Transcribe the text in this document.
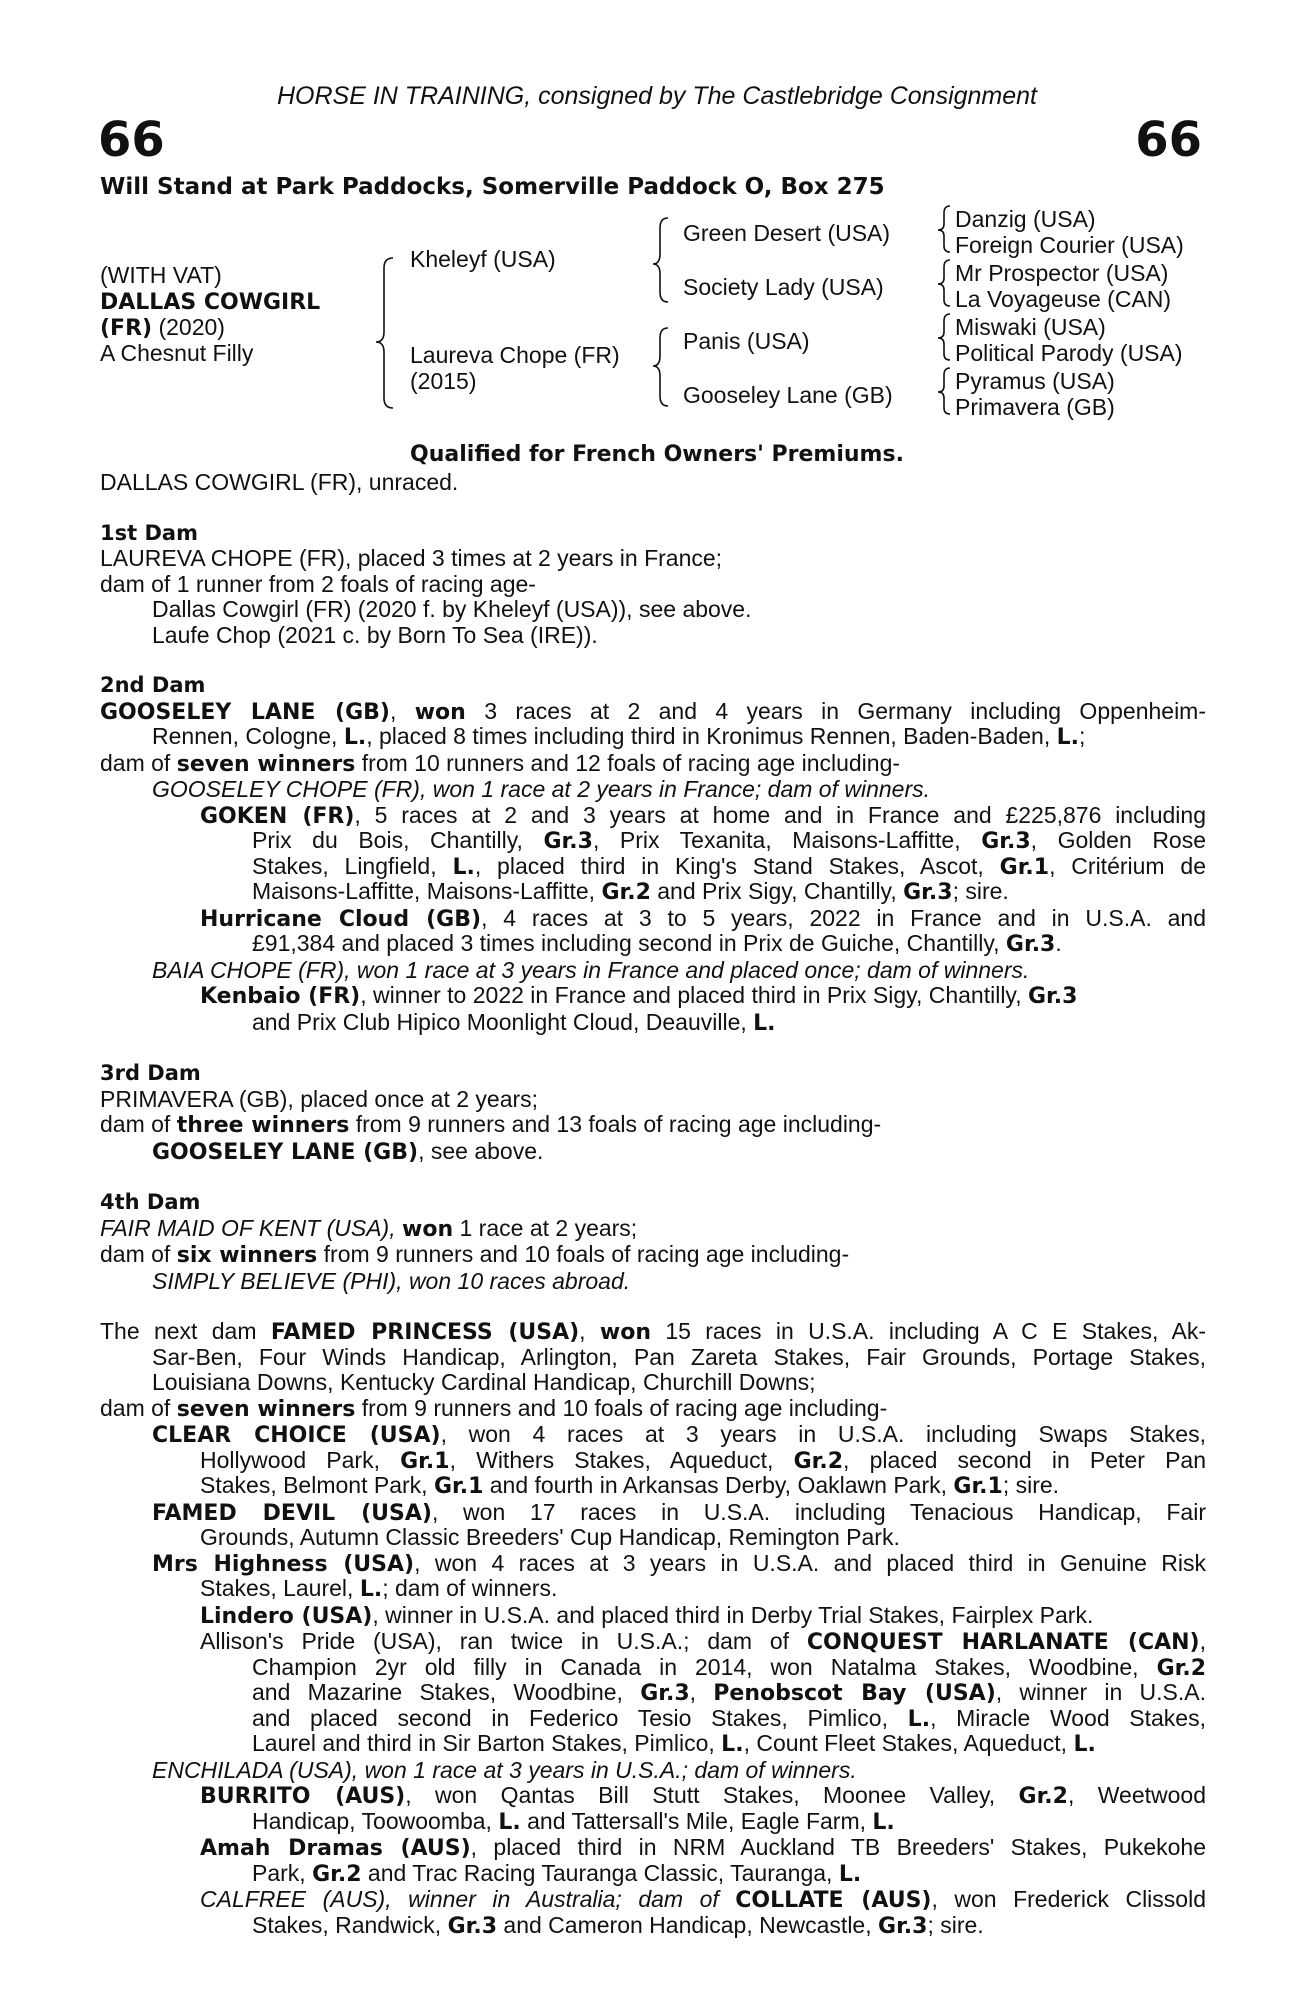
HORSE IN TRAINING, consigned by The Castlebridge Consignment
66	66
Will Stand at Park Paddocks, Somerville Paddock O, Box 275
(WITH VAT)
DALLAS COWGIRL
(FR) (2020)
A Chesnut Filly
Kheleyf (USA)
Laureva Chope (FR)
(2015)
Green Desert (USA)
Society Lady (USA)
Panis (USA)
Gooseley Lane (GB)
Danzig (USA)
Foreign Courier (USA)
Mr Prospector (USA)
La Voyageuse (CAN)
Miswaki (USA)
Political Parody (USA)
Pyramus (USA)
Primavera (GB)
Qualified for French Owners' Premiums.
DALLAS COWGIRL (FR), unraced.
1st Dam
LAUREVA CHOPE (FR), placed 3 times at 2 years in France;
dam of 1 runner from 2 foals of racing age-
Dallas Cowgirl (FR) (2020 f. by Kheleyf (USA)), see above.
Laufe Chop (2021 c. by Born To Sea (IRE)).
2nd Dam
GOOSELEY LANE (GB), won 3 races at 2 and 4 years in Germany including Oppenheim-
Rennen, Cologne, L., placed 8 times including third in Kronimus Rennen, Baden-Baden, L.;
dam of seven winners from 10 runners and 12 foals of racing age including-
GOOSELEY CHOPE (FR), won 1 race at 2 years in France; dam of winners.
GOKEN (FR), 5 races at 2 and 3 years at home and in France and £225,876 including
Prix du Bois, Chantilly, Gr.3, Prix Texanita, Maisons-Laffitte, Gr.3, Golden Rose
Stakes, Lingfield, L., placed third in King's Stand Stakes, Ascot, Gr.1, Critérium de
Maisons-Laffitte, Maisons-Laffitte, Gr.2 and Prix Sigy, Chantilly, Gr.3; sire.
Hurricane Cloud (GB), 4 races at 3 to 5 years, 2022 in France and in U.S.A. and
£91,384 and placed 3 times including second in Prix de Guiche, Chantilly, Gr.3.
BAIA CHOPE (FR), won 1 race at 3 years in France and placed once; dam of winners.
Kenbaio (FR), winner to 2022 in France and placed third in Prix Sigy, Chantilly, Gr.3
and Prix Club Hipico Moonlight Cloud, Deauville, L.
3rd Dam
PRIMAVERA (GB), placed once at 2 years;
dam of three winners from 9 runners and 13 foals of racing age including-
GOOSELEY LANE (GB), see above.
4th Dam
FAIR MAID OF KENT (USA), won 1 race at 2 years;
dam of six winners from 9 runners and 10 foals of racing age including-
SIMPLY BELIEVE (PHI), won 10 races abroad.
The next dam FAMED PRINCESS (USA), won 15 races in U.S.A. including A C E Stakes, Ak-
Sar-Ben, Four Winds Handicap, Arlington, Pan Zareta Stakes, Fair Grounds, Portage Stakes,
Louisiana Downs, Kentucky Cardinal Handicap, Churchill Downs;
dam of seven winners from 9 runners and 10 foals of racing age including-
CLEAR CHOICE (USA), won 4 races at 3 years in U.S.A. including Swaps Stakes,
Hollywood Park, Gr.1, Withers Stakes, Aqueduct, Gr.2, placed second in Peter Pan
Stakes, Belmont Park, Gr.1 and fourth in Arkansas Derby, Oaklawn Park, Gr.1; sire.
FAMED DEVIL (USA), won 17 races in U.S.A. including Tenacious Handicap, Fair
Grounds, Autumn Classic Breeders' Cup Handicap, Remington Park.
Mrs Highness (USA), won 4 races at 3 years in U.S.A. and placed third in Genuine Risk
Stakes, Laurel, L.; dam of winners.
Lindero (USA), winner in U.S.A. and placed third in Derby Trial Stakes, Fairplex Park.
Allison's Pride (USA), ran twice in U.S.A.; dam of CONQUEST HARLANATE (CAN),
Champion 2yr old filly in Canada in 2014, won Natalma Stakes, Woodbine, Gr.2
and Mazarine Stakes, Woodbine, Gr.3, Penobscot Bay (USA), winner in U.S.A.
and placed second in Federico Tesio Stakes, Pimlico, L., Miracle Wood Stakes,
Laurel and third in Sir Barton Stakes, Pimlico, L., Count Fleet Stakes, Aqueduct, L.
ENCHILADA (USA), won 1 race at 3 years in U.S.A.; dam of winners.
BURRITO (AUS), won Qantas Bill Stutt Stakes, Moonee Valley, Gr.2, Weetwood
Handicap, Toowoomba, L. and Tattersall's Mile, Eagle Farm, L.
Amah Dramas (AUS), placed third in NRM Auckland TB Breeders' Stakes, Pukekohe
Park, Gr.2 and Trac Racing Tauranga Classic, Tauranga, L.
CALFREE (AUS), winner in Australia; dam of COLLATE (AUS), won Frederick Clissold
Stakes, Randwick, Gr.3 and Cameron Handicap, Newcastle, Gr.3; sire.
